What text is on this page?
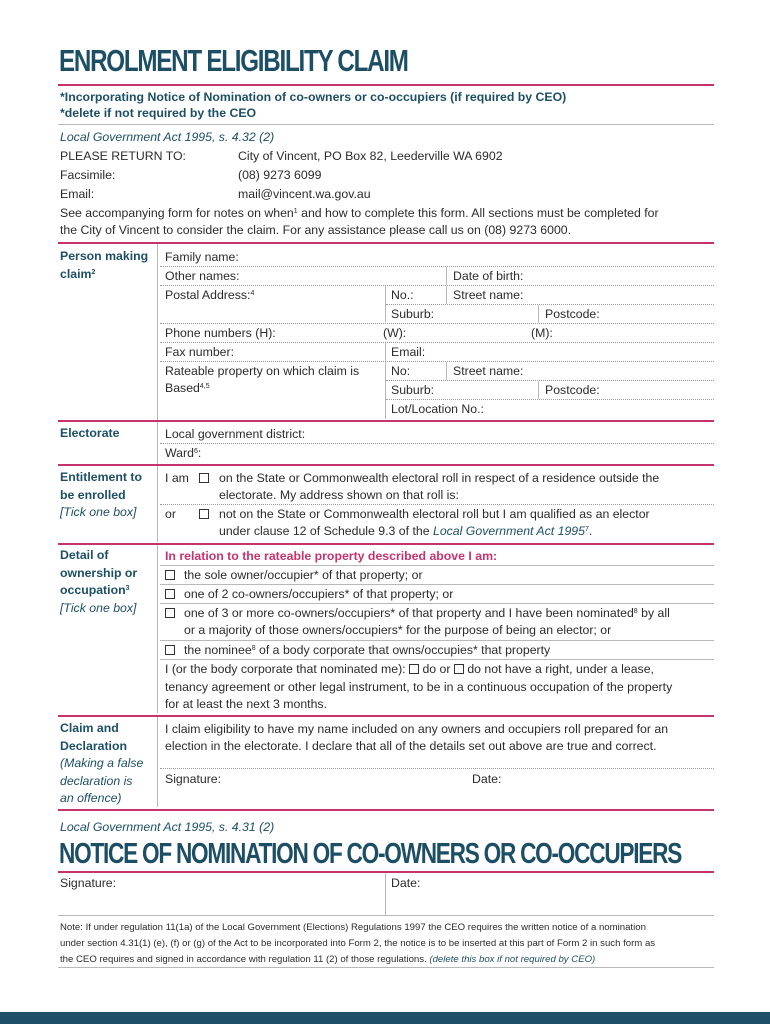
ENROLMENT ELIGIBILITY CLAIM
*Incorporating Notice of Nomination of co-owners or co-occupiers (if required by CEO)
*delete if not required by the CEO
Local Government Act 1995, s. 4.32 (2)
PLEASE RETURN TO:	City of Vincent, PO Box 82, Leederville WA 6902
Facsimile:	(08) 9273 6099
Email:	mail@vincent.wa.gov.au
See accompanying form for notes on when$^1$ and how to complete this form. All sections must be completed for
the City of Vincent to consider the claim. For any assistance please call us on (08) 9273 6000.
Person making
claim$^2$
Family name:
Other names:	Date of birth:
Postal Address:$^4$	No.:	Street name:
Suburb:	Postcode:
Phone numbers (H):	(W):	(M):
Fax number:	Email:
Rateable property on which claim is
Based$^{4,5}$
No:	Street name:
Suburb:	Postcode:
Lot/Location No.:
Electorate	Local government district:
Ward$^6$:
Entitlement to
be enrolled
[Tick one box]
I am on the State or Commonwealth electoral roll in respect of a residence outside the
electorate. My address shown on that roll is:
or	not on the State or Commonwealth electoral roll but I am qualified as an elector
under clause 12 of Schedule 9.3 of the Local Government Act 1995$^7$.
Detail of
ownership or
occupation$^3$
[Tick one box]
In relation to the rateable property described above I am:
the sole owner/occupier* of that property; or
one of 2 co-owners/occupiers* of that property; or
one of 3 or more co-owners/occupiers* of that property and I have been nominated$^8$ by all
or a majority of those owners/occupiers* for the purpose of being an elector; or
the nominee$^8$ of a body corporate that owns/occupies* that property
I (or the body corporate that nominated me):  do or  do not have a right, under a lease,
tenancy agreement or other legal instrument, to be in a continuous occupation of the property
for at least the next 3 months.
Claim and
Declaration
(Making a false
declaration is
an offence)
I claim eligibility to have my name included on any owners and occupiers roll prepared for an
election in the electorate. I declare that all of the details set out above are true and correct.
Signature:	Date:
Local Government Act 1995, s. 4.31 (2)
NOTICE OF NOMINATION OF CO-OWNERS OR CO-OCCUPIERS
Signature:	Date:
Note: If under regulation 11(1a) of the Local Government (Elections) Regulations 1997 the CEO requires the written notice of a nomination
under section 4.31(1) (e), (f) or (g) of the Act to be incorporated into Form 2, the notice is to be inserted at this part of Form 2 in such form as
the CEO requires and signed in accordance with regulation 11 (2) of those regulations. (delete this box if not required by CEO)
